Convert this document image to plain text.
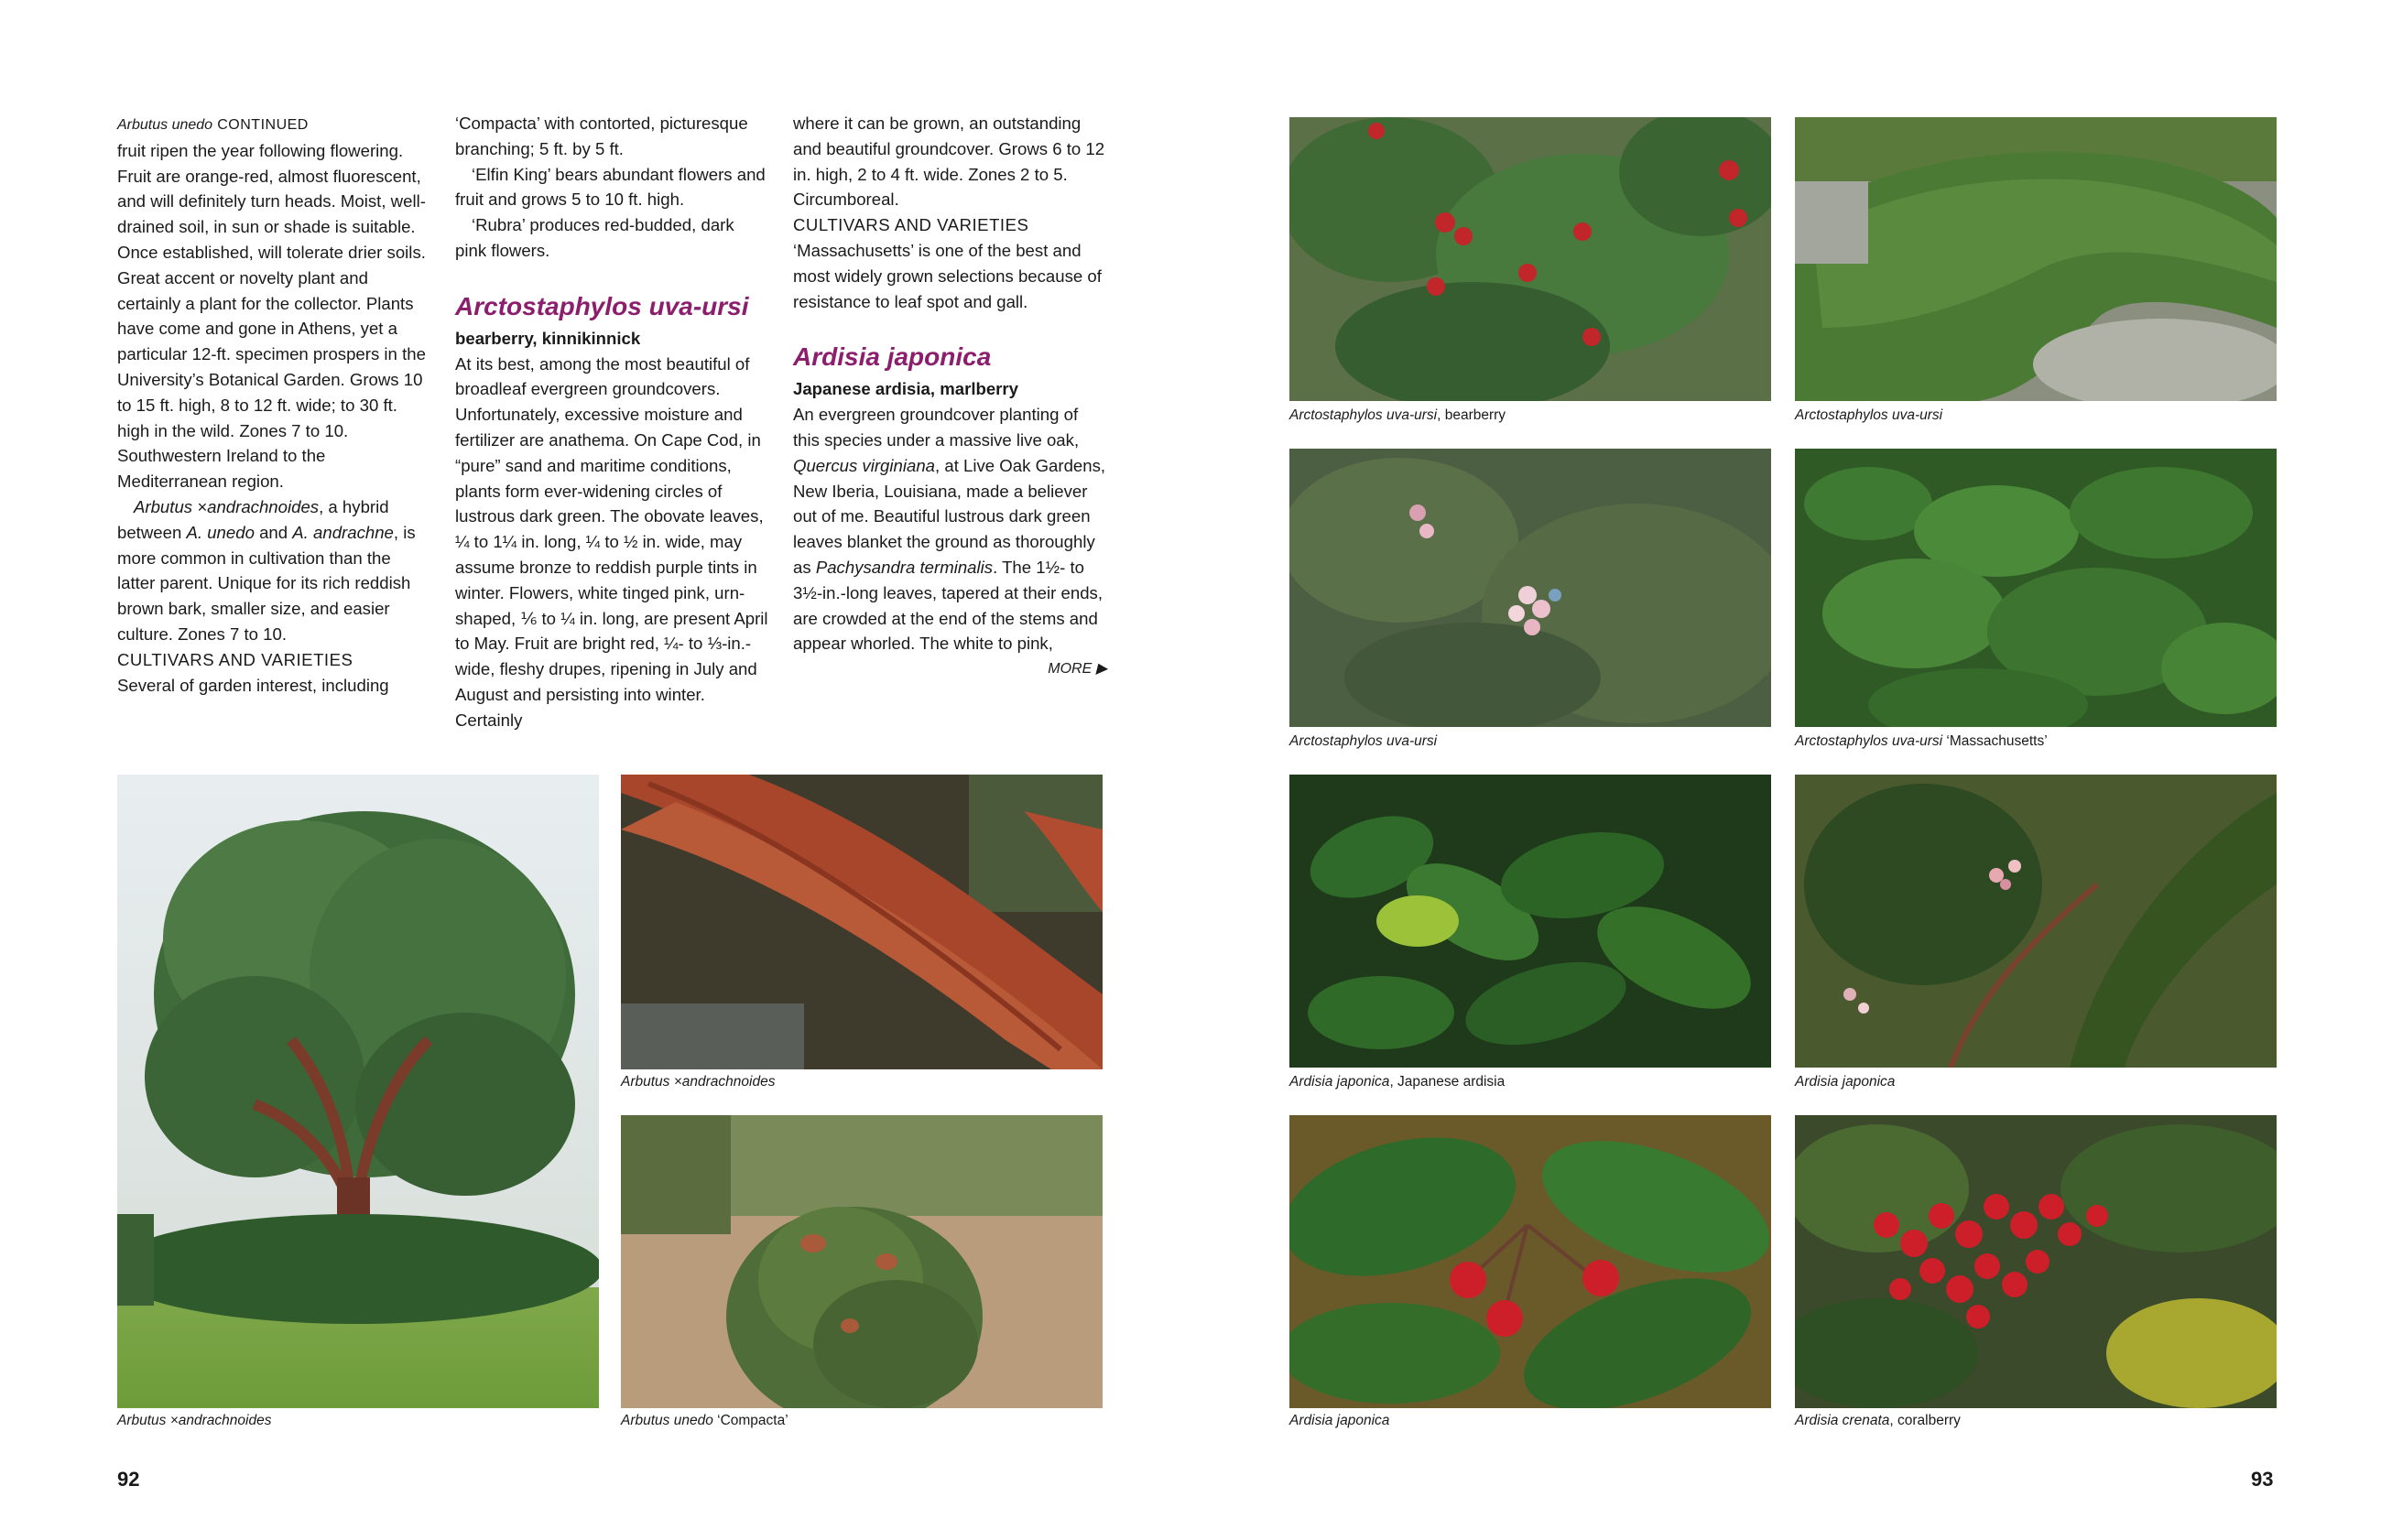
Arbutus unedo CONTINUED

fruit ripen the year following flowering. Fruit are orange-red, almost fluorescent, and will definitely turn heads. Moist, well-drained soil, in sun or shade is suitable. Once established, will tolerate drier soils. Great accent or novelty plant and certainly a plant for the collector. Plants have come and gone in Athens, yet a particular 12-ft. specimen prospers in the University’s Botanical Garden. Grows 10 to 15 ft. high, 8 to 12 ft. wide; to 30 ft. high in the wild. Zones 7 to 10. Southwestern Ireland to the Mediterranean region.

Arbutus ×andrachnoides, a hybrid between A. unedo and A. andrachne, is more common in cultivation than the latter parent. Unique for its rich reddish brown bark, smaller size, and easier culture. Zones 7 to 10.

CULTIVARS AND VARIETIES

Several of garden interest, including

‘Compacta’ with contorted, picturesque branching; 5 ft. by 5 ft.

‘Elfin King’ bears abundant flowers and fruit and grows 5 to 10 ft. high.

‘Rubra’ produces red-budded, dark pink flowers.

Arctostaphylos uva-ursi

bearberry, kinnikinnick

At its best, among the most beautiful of broadleaf evergreen groundcovers. Unfortunately, excessive moisture and fertilizer are anathema. On Cape Cod, in “pure” sand and maritime conditions, plants form ever-widening circles of lustrous dark green. The obovate leaves, ¼ to 1¼ in. long, ¼ to ½ in. wide, may assume bronze to reddish purple tints in winter. Flowers, white tinged pink, urn-shaped, ⅙ to ¼ in. long, are present April to May. Fruit are bright red, ¼- to ⅓-in.-wide, fleshy drupes, ripening in July and August and persisting into winter. Certainly

where it can be grown, an outstanding and beautiful groundcover. Grows 6 to 12 in. high, 2 to 4 ft. wide. Zones 2 to 5. Circumboreal.

CULTIVARS AND VARIETIES

‘Massachusetts’ is one of the best and most widely grown selections because of resistance to leaf spot and gall.

Ardisia japonica

Japanese ardisia, marlberry

An evergreen groundcover planting of this species under a massive live oak, Quercus virginiana, at Live Oak Gardens, New Iberia, Louisiana, made a believer out of me. Beautiful lustrous dark green leaves blanket the ground as thoroughly as Pachysandra terminalis. The 1½- to 3½-in.-long leaves, tapered at their ends, are crowded at the end of the stems and appear whorled. The white to pink,

MORE ▶

Arbutus ×andrachnoides
Arbutus ×andrachnoides
Arbutus unedo ‘Compacta’
92
Arctostaphylos uva-ursi, bearberry	Arctostaphylos uva-ursi
Arctostaphylos uva-ursi	Arctostaphylos uva-ursi ‘Massachusetts’
Ardisia japonica, Japanese ardisia	Ardisia japonica
Ardisia japonica	Ardisia crenata, coralberry
93
